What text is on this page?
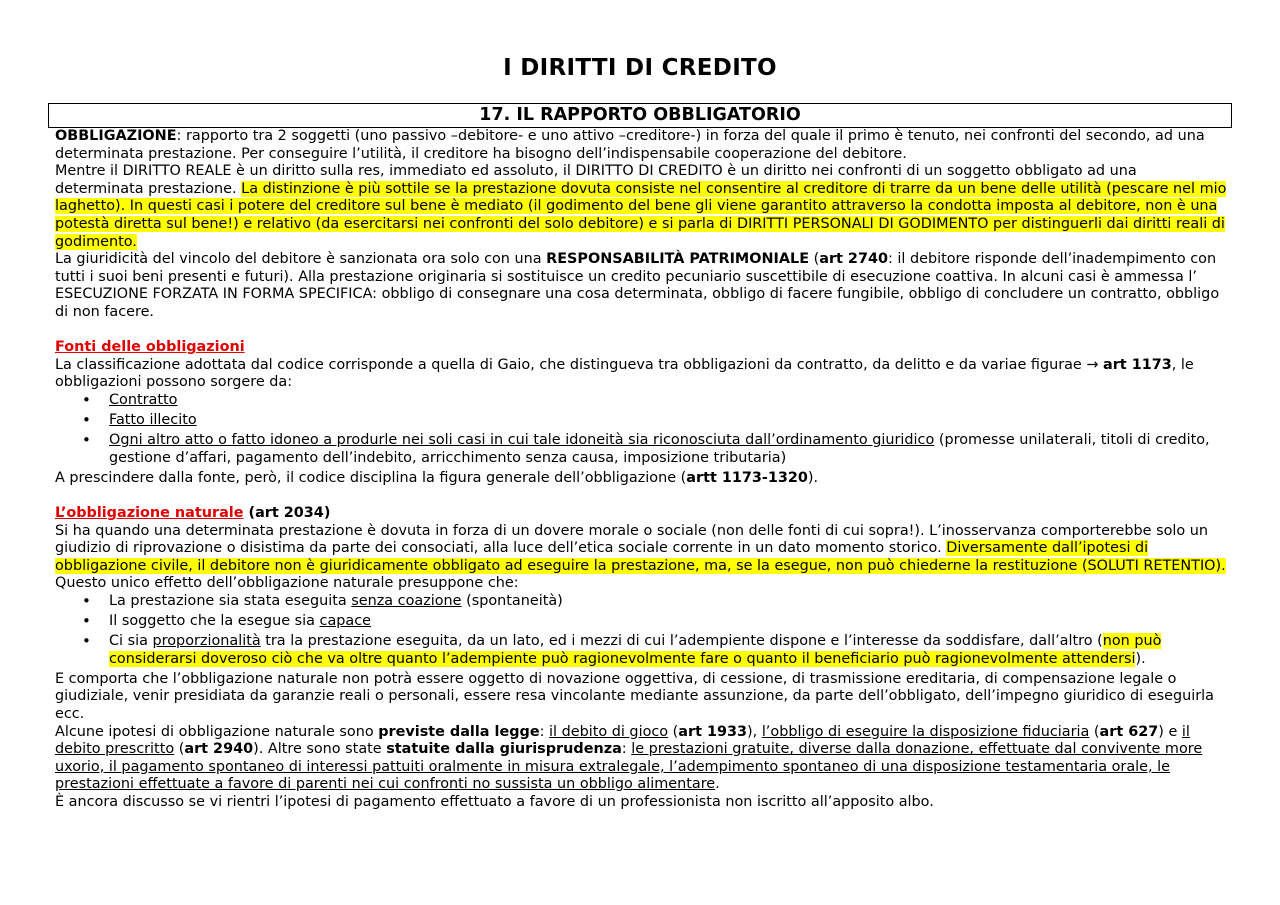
I DIRITTI DI CREDITO
17. IL RAPPORTO OBBLIGATORIO

OBBLIGAZIONE: rapporto tra 2 soggetti (uno passivo –debitore- e uno attivo –creditore-) in forza del quale il primo è tenuto, nei confronti del secondo, ad una determinata prestazione. Per conseguire l’utilità, il creditore ha bisogno dell’indispensabile cooperazione del debitore.

Mentre il DIRITTO REALE è un diritto sulla res, immediato ed assoluto, il DIRITTO DI CREDITO è un diritto nei confronti di un soggetto obbligato ad una determinata prestazione. La distinzione è più sottile se la prestazione dovuta consiste nel consentire al creditore di trarre da un bene delle utilità (pescare nel mio laghetto). In questi casi i potere del creditore sul bene è mediato (il godimento del bene gli viene garantito attraverso la condotta imposta al debitore, non è una potestà diretta sul bene!) e relativo (da esercitarsi nei confronti del solo debitore) e si parla di DIRITTI PERSONALI DI GODIMENTO per distinguerli dai diritti reali di godimento.

La giuridicità del vincolo del debitore è sanzionata ora solo con una RESPONSABILITÀ PATRIMONIALE (art 2740: il debitore risponde dell’inadempimento con tutti i suoi beni presenti e futuri). Alla prestazione originaria si sostituisce un credito pecuniario suscettibile di esecuzione coattiva. In alcuni casi è ammessa l’ ESECUZIONE FORZATA IN FORMA SPECIFICA: obbligo di consegnare una cosa determinata, obbligo di facere fungibile, obbligo di concludere un contratto, obbligo di non facere.

Fonti delle obbligazioni

La classificazione adottata dal codice corrisponde a quella di Gaio, che distingueva tra obbligazioni da contratto, da delitto e da variae figurae → art 1173, le obbligazioni possono sorgere da:

• Contratto
• Fatto illecito
• Ogni altro atto o fatto idoneo a produrle nei soli casi in cui tale idoneità sia riconosciuta dall’ordinamento giuridico (promesse unilaterali, titoli di credito, gestione d’affari, pagamento dell’indebito, arricchimento senza causa, imposizione tributaria)

A prescindere dalla fonte, però, il codice disciplina la figura generale dell’obbligazione (artt 1173-1320).

L’obbligazione naturale (art 2034)

Si ha quando una determinata prestazione è dovuta in forza di un dovere morale o sociale (non delle fonti di cui sopra!). L’inosservanza comporterebbe solo un giudizio di riprovazione o disistima da parte dei consociati, alla luce dell’etica sociale corrente in un dato momento storico. Diversamente dall’ipotesi di obbligazione civile, il debitore non è giuridicamente obbligato ad eseguire la prestazione, ma, se la esegue, non può chiederne la restituzione (SOLUTI RETENTIO). Questo unico effetto dell’obbligazione naturale presuppone che:

• La prestazione sia stata eseguita senza coazione (spontaneità)
• Il soggetto che la esegue sia capace
• Ci sia proporzionalità tra la prestazione eseguita, da un lato, ed i mezzi di cui l’adempiente dispone e l’interesse da soddisfare, dall’altro (non può considerarsi doveroso ciò che va oltre quanto l’adempiente può ragionevolmente fare o quanto il beneficiario può ragionevolmente attendersi).

E comporta che l’obbligazione naturale non potrà essere oggetto di novazione oggettiva, di cessione, di trasmissione ereditaria, di compensazione legale o giudiziale, venir presidiata da garanzie reali o personali, essere resa vincolante mediante assunzione, da parte dell’obbligato, dell’impegno giuridico di eseguirla ecc.

Alcune ipotesi di obbligazione naturale sono previste dalla legge: il debito di gioco (art 1933), l’obbligo di eseguire la disposizione fiduciaria (art 627) e il debito prescritto (art 2940). Altre sono state statuite dalla giurisprudenza: le prestazioni gratuite, diverse dalla donazione, effettuate dal convivente more uxorio, il pagamento spontaneo di interessi pattuiti oralmente in misura extralegale, l’adempimento spontaneo di una disposizione testamentaria orale, le prestazioni effettuate a favore di parenti nei cui confronti no sussista un obbligo alimentare.

È ancora discusso se vi rientri l’ipotesi di pagamento effettuato a favore di un professionista non iscritto all’apposito albo.
